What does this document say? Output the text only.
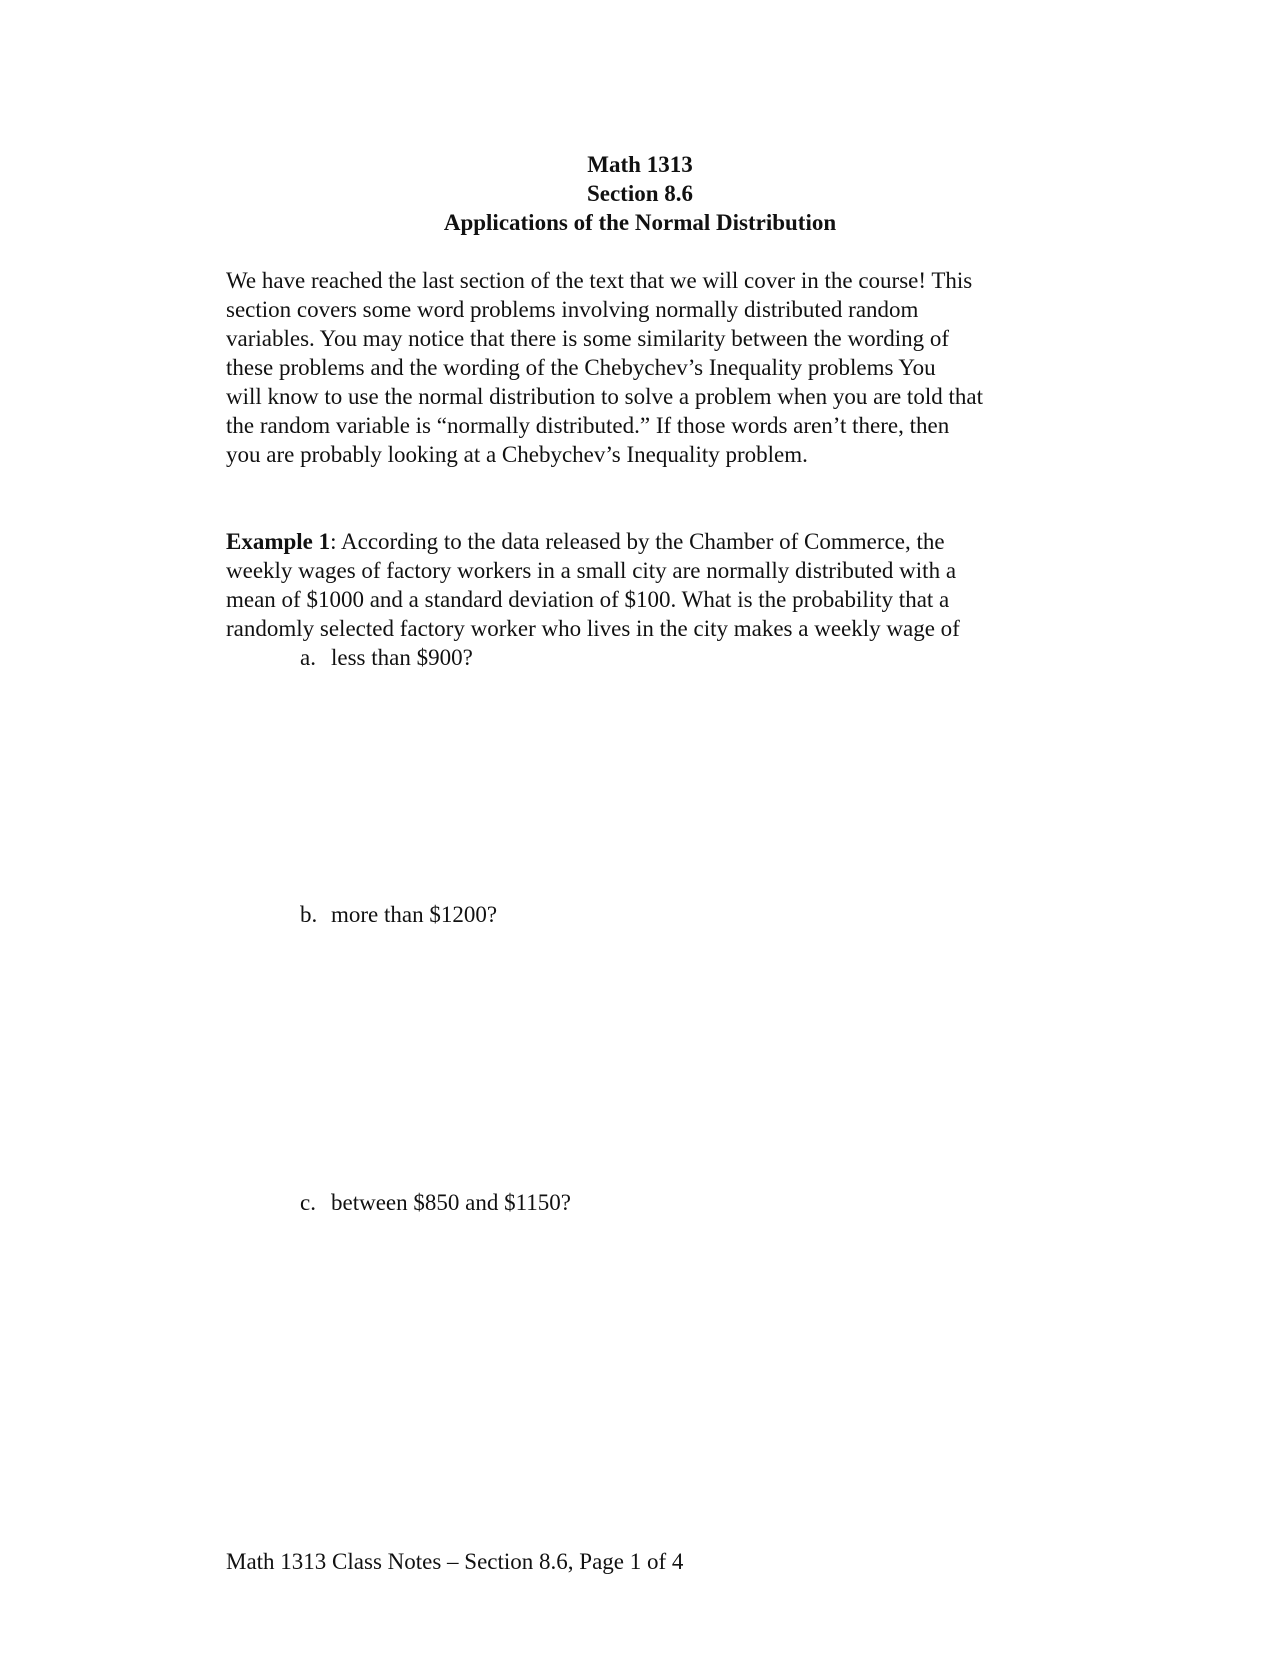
Math 1313
Section 8.6
Applications of the Normal Distribution
We have reached the last section of the text that we will cover in the course! This
section covers some word problems involving normally distributed random
variables. You may notice that there is some similarity between the wording of
these problems and the wording of the Chebychev’s Inequality problems You
will know to use the normal distribution to solve a problem when you are told that
the random variable is “normally distributed.” If those words aren’t there, then
you are probably looking at a Chebychev’s Inequality problem.
Example 1: According to the data released by the Chamber of Commerce, the
weekly wages of factory workers in a small city are normally distributed with a
mean of $1000 and a standard deviation of $100. What is the probability that a
randomly selected factory worker who lives in the city makes a weekly wage of
a. less than $900?
b. more than $1200?
c. between $850 and $1150?
Math 1313 Class Notes – Section 8.6, Page 1 of 4
